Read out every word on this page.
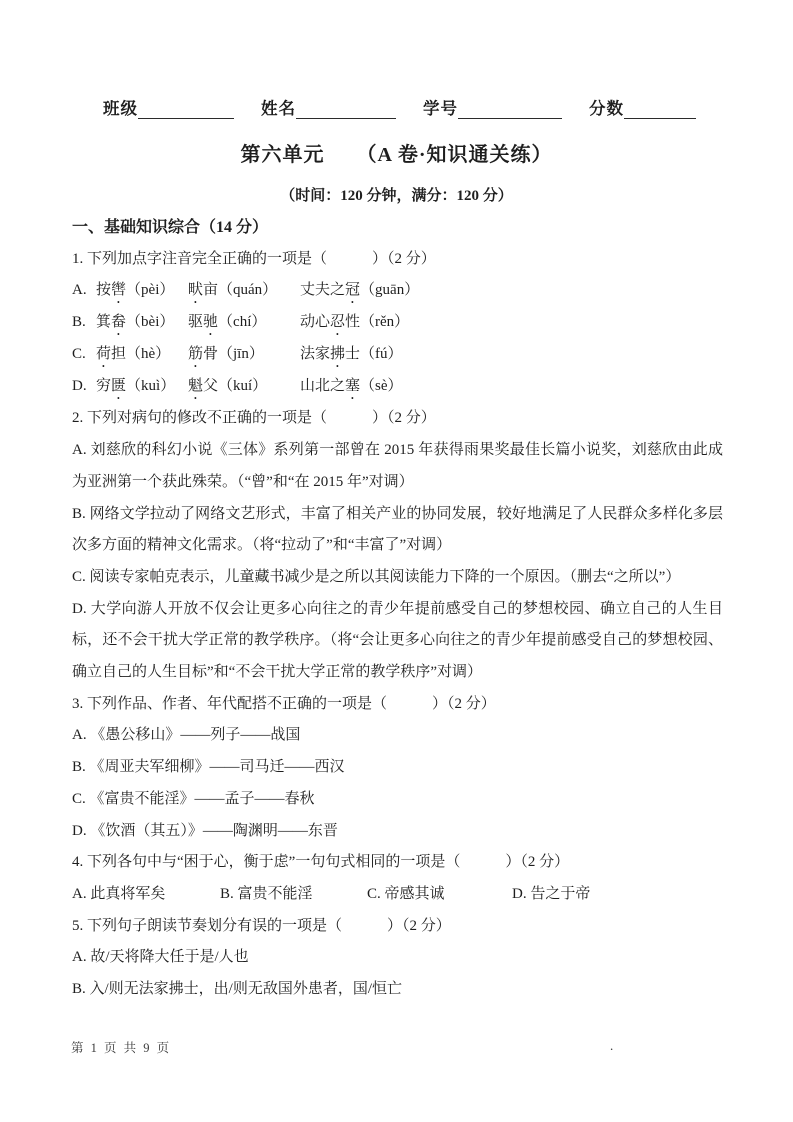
班级	姓名	学号	分数
第六单元　　（A 卷·知识通关练）
（时间：120 分钟，满分：120 分）
一、基础知识综合（14 分）

1. 下列加点字注音完全正确的一项是（　　　）（2 分）

A. 按辔（pèi） 畎亩（quán）	丈夫之冠（guān）
B. 箕畚（bèi） 驱驰（chí）	动心忍性（rěn）
C. 荷担（hè）	筋骨（jīn）	法家拂士（fú）
D. 穷匮（kuì） 魁父（kuí）	山北之塞（sè）

2. 下列对病句的修改不正确的一项是（　　　）（2 分）

A. 刘慈欣的科幻小说《三体》系列第一部曾在 2015 年获得雨果奖最佳长篇小说奖，刘慈欣由此成为亚洲第一个获此殊荣。（“曾”和“在 2015 年”对调）

B. 网络文学拉动了网络文艺形式，丰富了相关产业的协同发展，较好地满足了人民群众多样化多层次多方面的精神文化需求。（将“拉动了”和“丰富了”对调）

C. 阅读专家帕克表示，儿童藏书减少是之所以其阅读能力下降的一个原因。（删去“之所以”）

D. 大学向游人开放不仅会让更多心向往之的青少年提前感受自己的梦想校园、确立自己的人生目标，还不会干扰大学正常的教学秩序。（将“会让更多心向往之的青少年提前感受自己的梦想校园、确立自己的人生目标”和“不会干扰大学正常的教学秩序”对调）

3. 下列作品、作者、年代配搭不正确的一项是（　　　）（2 分）

A. 《愚公移山》——列子——战国

B. 《周亚夫军细柳》——司马迁——西汉

C. 《富贵不能淫》——孟子——春秋

D. 《饮酒（其五）》——陶渊明——东晋

4. 下列各句中与“困于心，衡于虑”一句句式相同的一项是（　　　）（2 分）

A. 此真将军矣	B. 富贵不能淫	C. 帝感其诚	D. 告之于帝

5. 下列句子朗读节奏划分有误的一项是（　　　）（2 分）

A. 故/天将降大任于是/人也

B. 入/则无法家拂士，出/则无敌国外患者，国/恒亡

第 1 页 共 9 页	.
